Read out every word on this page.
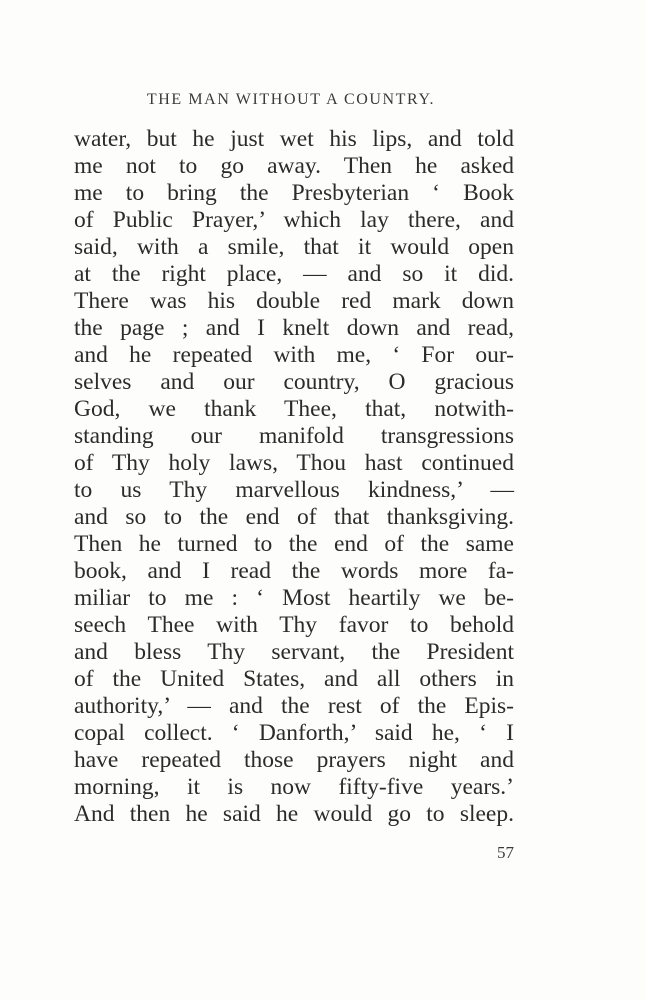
THE MAN WITHOUT A COUNTRY.
water, but he just wet his lips, and told
me not to go away. Then he asked
me to bring the Presbyterian ‘ Book
of Public Prayer,’ which lay there, and
said, with a smile, that it would open
at the right place, — and so it did.
There was his double red mark down
the page ; and I knelt down and read,
and he repeated with me, ‘ For our-
selves and our country, O gracious
God, we thank Thee, that, notwith-
standing our manifold transgressions
of Thy holy laws, Thou hast continued
to us Thy marvellous kindness,’ —
and so to the end of that thanksgiving.
Then he turned to the end of the same
book, and I read the words more fa-
miliar to me : ‘ Most heartily we be-
seech Thee with Thy favor to behold
and bless Thy servant, the President
of the United States, and all others in
authority,’ — and the rest of the Epis-
copal collect. ‘ Danforth,’ said he, ‘ I
have repeated those prayers night and
morning, it is now fifty-five years.’
And then he said he would go to sleep.
57
